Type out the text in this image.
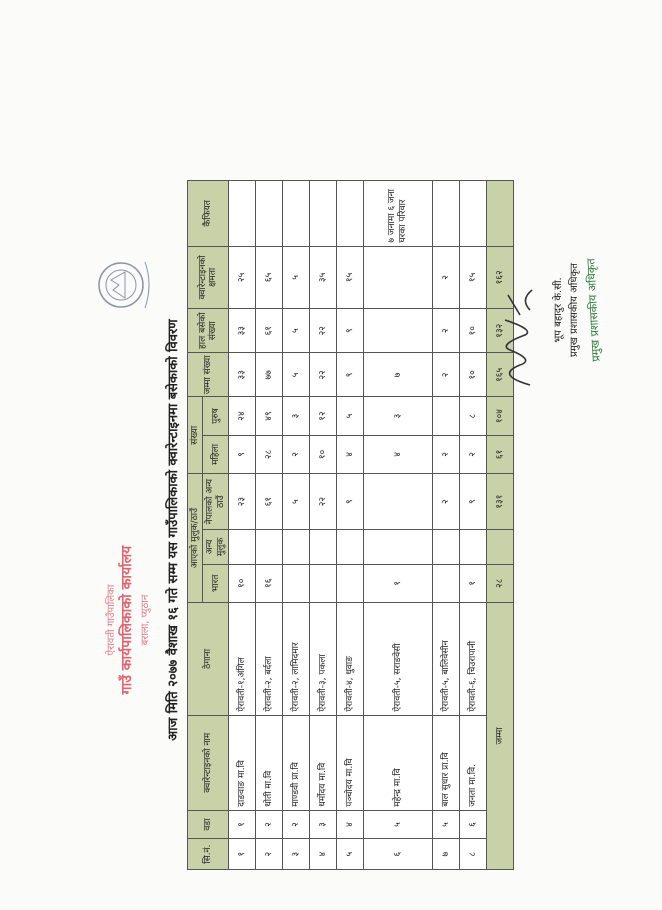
ऐरावती गाउँपालिका गाउँ कार्यपालिकाको कार्यालय बराला, प्युठान आज मिति २०७७ वैशाख १६ गते सम्म यस गाउँपालिकाको क्वारेन्टाइनमा बसेकाको विवरण
सि.नं.	वडा	क्वारेन्टाइनको नाम	ठेगाना	आएको मुलुक/ठाउँ			संख्या		जम्मा संख्या	हाल बसेको संख्या	क्वारेन्टाइनको क्षमता	कैफियत
				भारत	अन्य मुलुक	नेपालको अन्य ठाउँ	महिला	पुरुष				
१	१	दाङवाङ मा.वि	ऐरावती-१,अंगिल	१०		२३	९	२४	३३	३३	२५	
२	२	धोती मा.वि	ऐरावती-२, बर्दला	१६		६१	२८	४९	७७	६१	६५	
३	२	माण्डवी प्रा.वि	ऐरावती-२, लामिदमार			५	२	३	५	५	५	
४	३	धर्मोदय मा.वि	ऐरावती-३, पकला			२२	१०	१२	२२	२२	३५	
५	४	पञ्चोदय मा.वि	ऐरावती-४, धुवाङ			९	४	५	९	९	१५	
६	५	महेन्द्र मा.वि	ऐरावती-५, सराङवेसी	१			४	३	७			७ जनामा ६ जना घरका परिवार
७	५	बाल सुधार प्रा.वि	ऐरावती-५, बालिवेसीन			२	२		२	२	२	
८	६	जनता मा.वि.	ऐरावती-६, चिउरापानी	१		९	२	८	१०	१०	१५	
जम्मा				२८		१३१	६१	१०४	१६५	१३२	१६२		भूप बहादुर के.सी. प्रमुख प्रशासकीय अधिकृत प्रमुख प्रशासकीय अधिकृत
